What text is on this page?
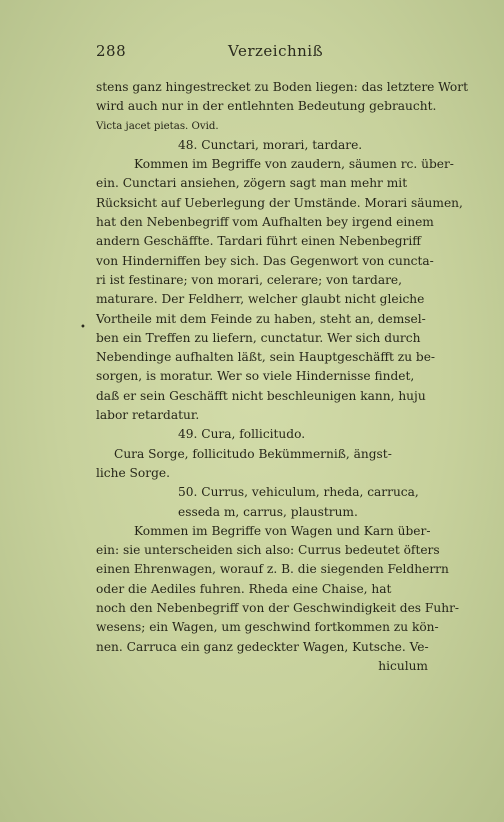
288	Verzeichniß
•
stens ganz hingestrecket zu Boden liegen: das letztere Wort
wird auch nur in der entlehnten Bedeutung gebraucht.
Victa jacet pietas. Ovid.
48. Cunctari, morari, tardare.
Kommen im Begriffe von zaudern, säumen rc. über-
ein. Cunctari ansiehen, zögern sagt man mehr mit
Rücksicht auf Ueberlegung der Umstände. Morari säumen,
hat den Nebenbegriff vom Aufhalten bey irgend einem
andern Geschäffte. Tardari führt einen Nebenbegriff
von Hinderniffen bey sich. Das Gegenwort von cuncta-
ri ist festinare; von morari, celerare; von tardare,
maturare. Der Feldherr, welcher glaubt nicht gleiche
Vortheile mit dem Feinde zu haben, steht an, demsel-
ben ein Treffen zu liefern, cunctatur. Wer sich durch
Nebendinge aufhalten läßt, sein Hauptgeschäfft zu be-
sorgen, is moratur. Wer so viele Hindernisse findet,
daß er sein Geschäfft nicht beschleunigen kann, huju
labor retardatur.
49. Cura, follicitudo.
Cura Sorge, follicitudo Bekümmerniß, ängst-
liche Sorge.
50. Currus, vehiculum, rheda, carruca,
esseda m, carrus, plaustrum.
Kommen im Begriffe von Wagen und Karn über-
ein: sie unterscheiden sich also: Currus bedeutet öfters
einen Ehrenwagen, worauf z. B. die siegenden Feldherrn
oder die Aediles fuhren. Rheda eine Chaise, hat
noch den Nebenbegriff von der Geschwindigkeit des Fuhr-
wesens; ein Wagen, um geschwind fortkommen zu kön-
nen. Carruca ein ganz gedeckter Wagen, Kutsche. Ve-
hiculum
